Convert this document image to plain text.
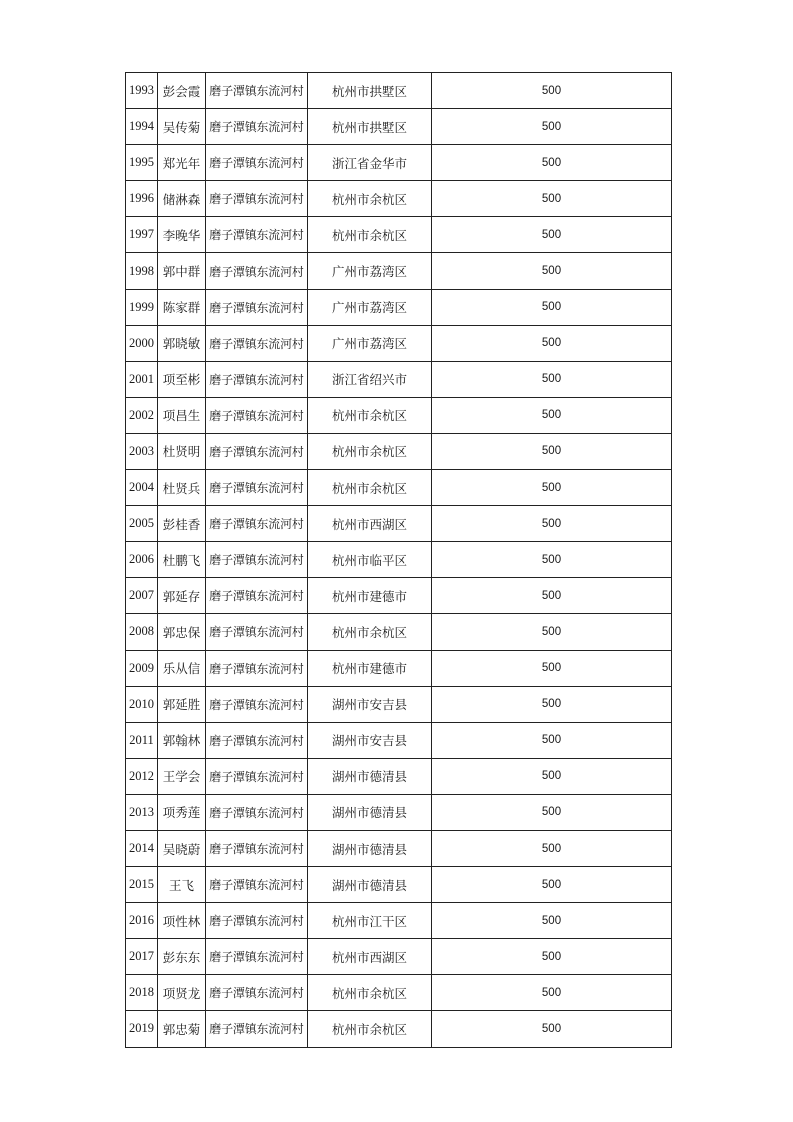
1993	彭会霞	磨子潭镇东流河村	杭州市拱墅区	500
1994	吴传菊	磨子潭镇东流河村	杭州市拱墅区	500
1995	郑光年	磨子潭镇东流河村	浙江省金华市	500
1996	储淋森	磨子潭镇东流河村	杭州市余杭区	500
1997	李晚华	磨子潭镇东流河村	杭州市余杭区	500
1998	郭中群	磨子潭镇东流河村	广州市荔湾区	500
1999	陈家群	磨子潭镇东流河村	广州市荔湾区	500
2000	郭晓敏	磨子潭镇东流河村	广州市荔湾区	500
2001	项至彬	磨子潭镇东流河村	浙江省绍兴市	500
2002	项昌生	磨子潭镇东流河村	杭州市余杭区	500
2003	杜贤明	磨子潭镇东流河村	杭州市余杭区	500
2004	杜贤兵	磨子潭镇东流河村	杭州市余杭区	500
2005	彭桂香	磨子潭镇东流河村	杭州市西湖区	500
2006	杜鹏飞	磨子潭镇东流河村	杭州市临平区	500
2007	郭延存	磨子潭镇东流河村	杭州市建德市	500
2008	郭忠保	磨子潭镇东流河村	杭州市余杭区	500
2009	乐从信	磨子潭镇东流河村	杭州市建德市	500
2010	郭延胜	磨子潭镇东流河村	湖州市安吉县	500
2011	郭翰林	磨子潭镇东流河村	湖州市安吉县	500
2012	王学会	磨子潭镇东流河村	湖州市德清县	500
2013	项秀莲	磨子潭镇东流河村	湖州市德清县	500
2014	吴晓蔚	磨子潭镇东流河村	湖州市德清县	500
2015	王飞	磨子潭镇东流河村	湖州市德清县	500
2016	项性林	磨子潭镇东流河村	杭州市江干区	500
2017	彭东东	磨子潭镇东流河村	杭州市西湖区	500
2018	项贤龙	磨子潭镇东流河村	杭州市余杭区	500
2019	郭忠菊	磨子潭镇东流河村	杭州市余杭区	500
